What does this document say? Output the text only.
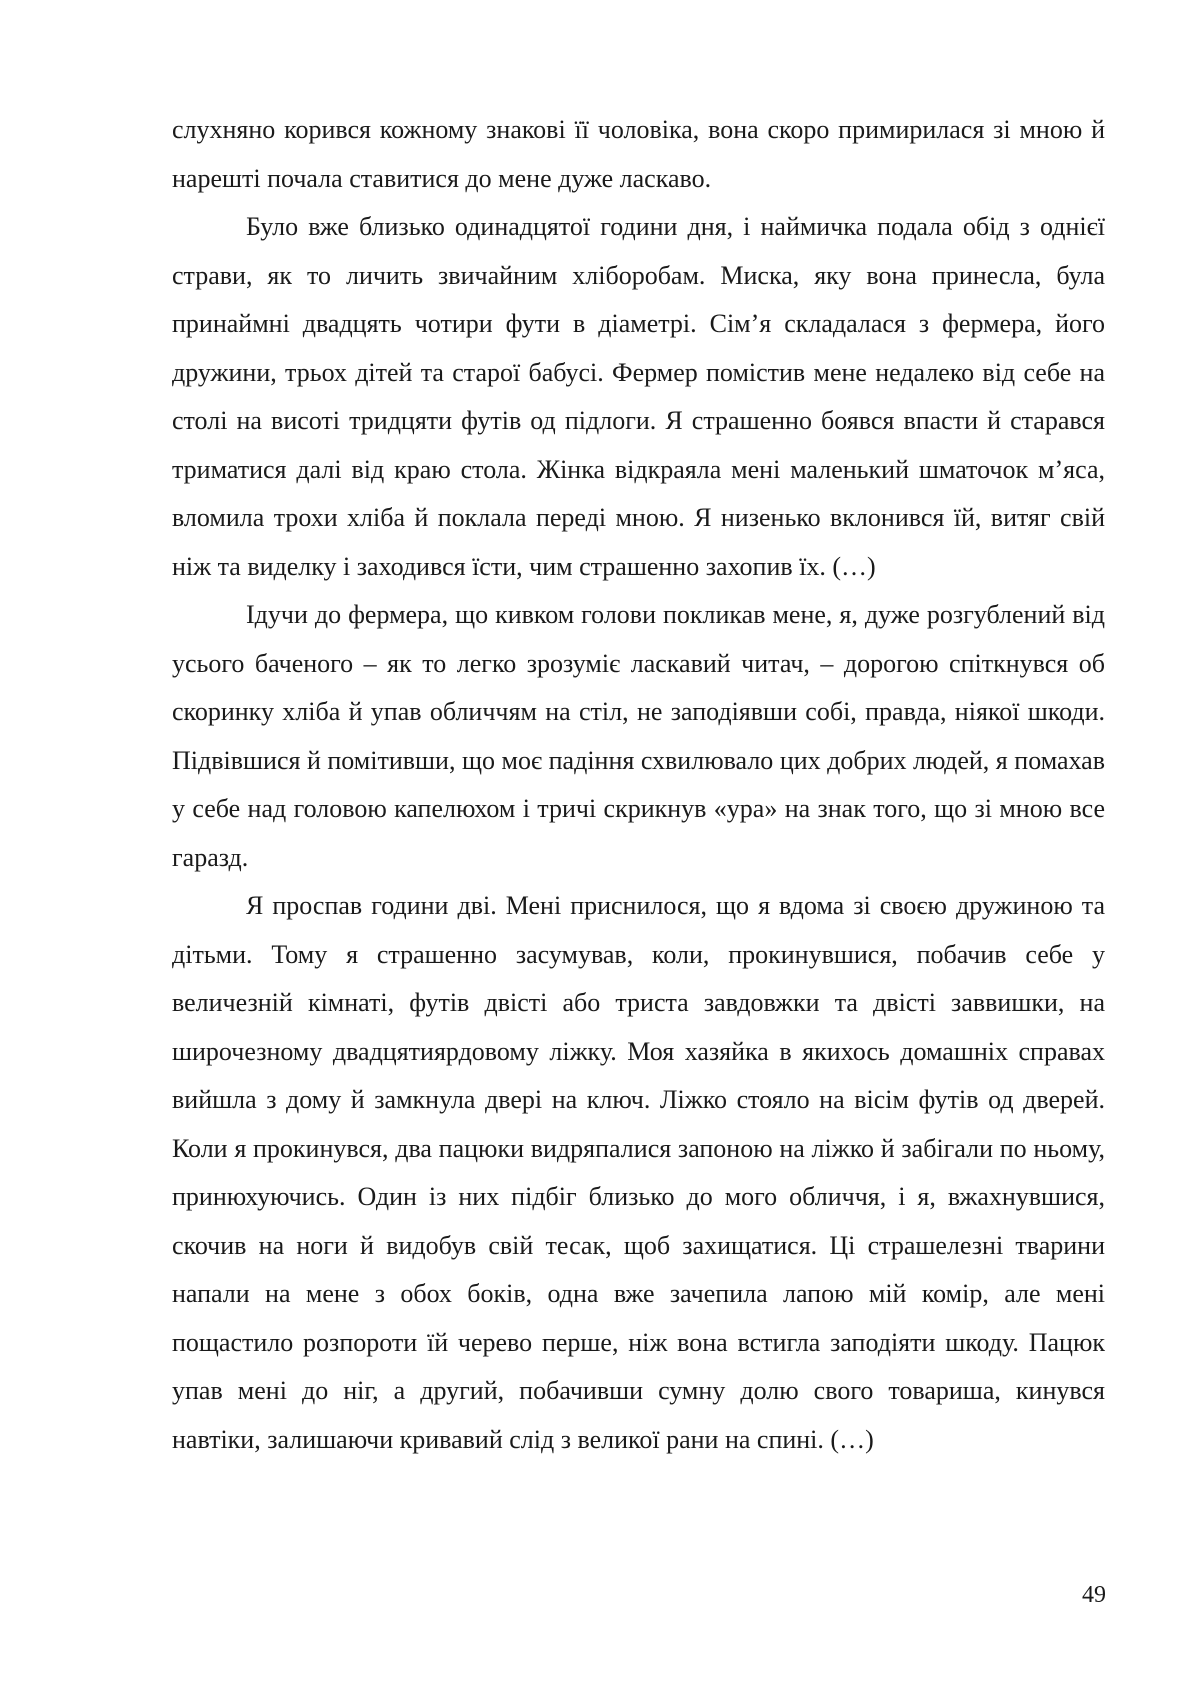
слухняно корився кожному знакові її чоловіка, вона скоро примирилася зі мною й нарешті почала ставитися до мене дуже ласкаво.

Було вже близько одинадцятої години дня, і наймичка подала обід з однієї страви, як то личить звичайним хліборобам. Миска, яку вона принесла, була принаймні двадцять чотири фути в діаметрі. Сім’я складалася з фермера, його дружини, трьох дітей та старої бабусі. Фермер помістив мене недалеко від себе на столі на висоті тридцяти футів од підлоги. Я страшенно боявся впасти й старався триматися далі від краю стола. Жінка відкраяла мені маленький шматочок м’яса, вломила трохи хліба й поклала переді мною. Я низенько вклонився їй, витяг свій ніж та виделку і заходився їсти, чим страшенно захопив їх. (…)

Ідучи до фермера, що кивком голови покликав мене, я, дуже розгублений від усього баченого – як то легко зрозуміє ласкавий читач, – дорогою спіткнувся об скоринку хліба й упав обличчям на стіл, не заподіявши собі, правда, ніякої шкоди. Підвівшися й помітивши, що моє падіння схвилювало цих добрих людей, я помахав у себе над головою капелюхом і тричі скрикнув «ура» на знак того, що зі мною все гаразд.

Я проспав години дві. Мені приснилося, що я вдома зі своєю дружиною та дітьми. Тому я страшенно засумував, коли, прокинувшися, побачив себе у величезній кімнаті, футів двісті або триста завдовжки та двісті заввишки, на широчезному двадцятиярдовому ліжку. Моя хазяйка в якихось домашніх справах вийшла з дому й замкнула двері на ключ. Ліжко стояло на вісім футів од дверей. Коли я прокинувся, два пацюки видряпалися запоною на ліжко й забігали по ньому, принюхуючись. Один із них підбіг близько до мого обличчя, і я, вжахнувшися, скочив на ноги й видобув свій тесак, щоб захищатися. Ці страшелезні тварини напали на мене з обох боків, одна вже зачепила лапою мій комір, але мені пощастило розпороти їй черево перше, ніж вона встигла заподіяти шкоду. Пацюк упав мені до ніг, а другий, побачивши сумну долю свого товариша, кинувся навтіки, залишаючи кривавий слід з великої рани на спині. (…)

49
